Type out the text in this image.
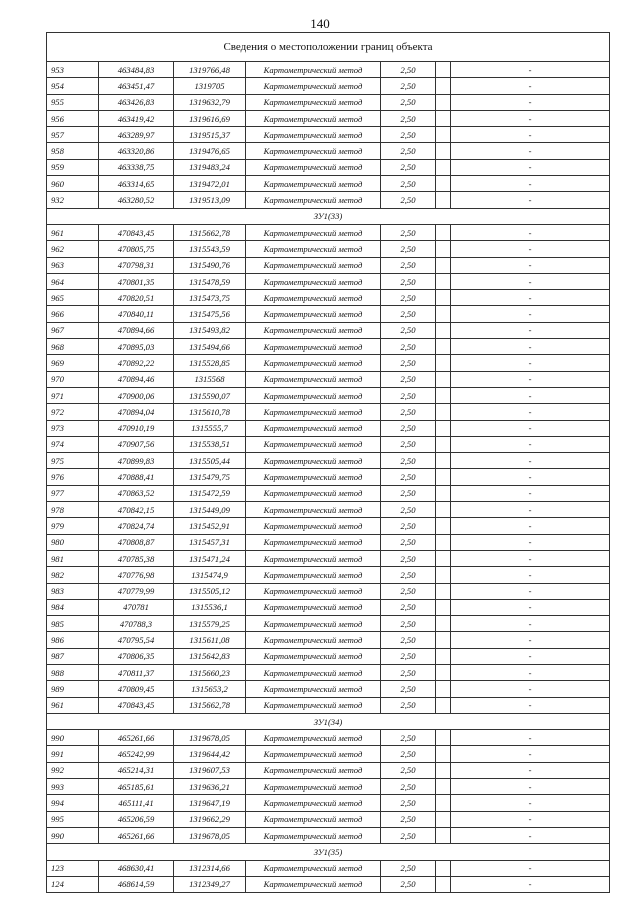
140
Сведения о местоположении границ объекта						
953	463484,83	1319766,48	Картометрический метод	2,50		-
954	463451,47	1319705	Картометрический метод	2,50		-
955	463426,83	1319632,79	Картометрический метод	2,50		-
956	463419,42	1319616,69	Картометрический метод	2,50		-
957	463289,97	1319515,37	Картометрический метод	2,50		-
958	463320,86	1319476,65	Картометрический метод	2,50		-
959	463338,75	1319483,24	Картометрический метод	2,50		-
960	463314,65	1319472,01	Картометрический метод	2,50		-
932	463280,52	1319513,09	Картометрический метод	2,50		-
ЗУ1(33)						
961	470843,45	1315662,78	Картометрический метод	2,50		-
962	470805,75	1315543,59	Картометрический метод	2,50		-
963	470798,31	1315490,76	Картометрический метод	2,50		-
964	470801,35	1315478,59	Картометрический метод	2,50		-
965	470820,51	1315473,75	Картометрический метод	2,50		-
966	470840,11	1315475,56	Картометрический метод	2,50		-
967	470894,66	1315493,82	Картометрический метод	2,50		-
968	470895,03	1315494,66	Картометрический метод	2,50		-
969	470892,22	1315528,85	Картометрический метод	2,50		-
970	470894,46	1315568	Картометрический метод	2,50		-
971	470900,06	1315590,07	Картометрический метод	2,50		-
972	470894,04	1315610,78	Картометрический метод	2,50		-
973	470910,19	1315555,7	Картометрический метод	2,50		-
974	470907,56	1315538,51	Картометрический метод	2,50		-
975	470899,83	1315505,44	Картометрический метод	2,50		-
976	470888,41	1315479,75	Картометрический метод	2,50		-
977	470863,52	1315472,59	Картометрический метод	2,50		-
978	470842,15	1315449,09	Картометрический метод	2,50		-
979	470824,74	1315452,91	Картометрический метод	2,50		-
980	470808,87	1315457,31	Картометрический метод	2,50		-
981	470785,38	1315471,24	Картометрический метод	2,50		-
982	470776,98	1315474,9	Картометрический метод	2,50		-
983	470779,99	1315505,12	Картометрический метод	2,50		-
984	470781	1315536,1	Картометрический метод	2,50		-
985	470788,3	1315579,25	Картометрический метод	2,50		-
986	470795,54	1315611,08	Картометрический метод	2,50		-
987	470806,35	1315642,83	Картометрический метод	2,50		-
988	470811,37	1315660,23	Картометрический метод	2,50		-
989	470809,45	1315653,2	Картометрический метод	2,50		-
961	470843,45	1315662,78	Картометрический метод	2,50		-
ЗУ1(34)						
990	465261,66	1319678,05	Картометрический метод	2,50		-
991	465242,99	1319644,42	Картометрический метод	2,50		-
992	465214,31	1319607,53	Картометрический метод	2,50		-
993	465185,61	1319636,21	Картометрический метод	2,50		-
994	465111,41	1319647,19	Картометрический метод	2,50		-
995	465206,59	1319662,29	Картометрический метод	2,50		-
990	465261,66	1319678,05	Картометрический метод	2,50		-
ЗУ1(35)						
123	468630,41	1312314,66	Картометрический метод	2,50		-
124	468614,59	1312349,27	Картометрический метод	2,50		-
